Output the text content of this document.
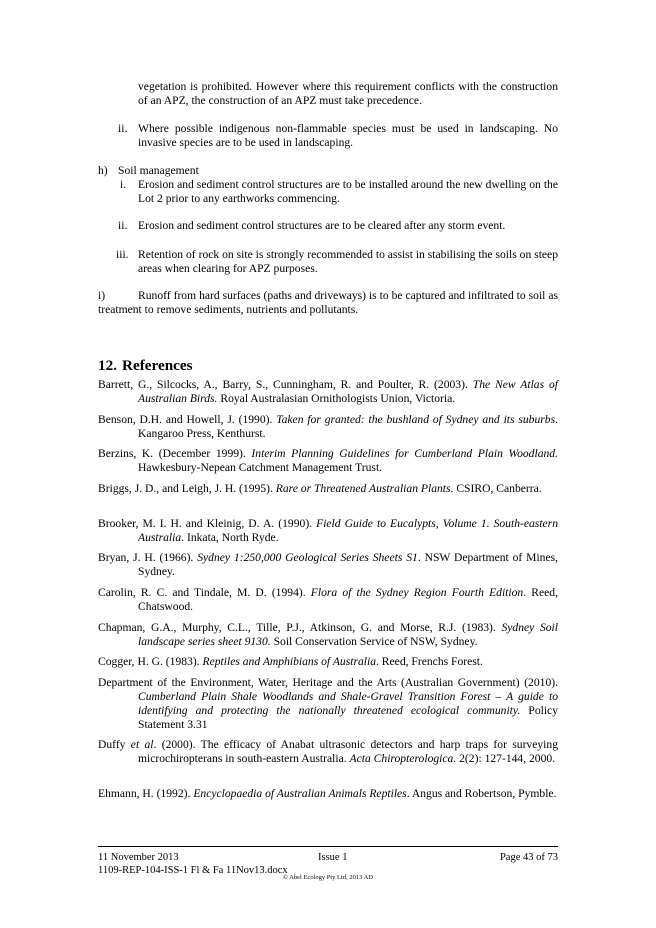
vegetation is prohibited. However where this requirement conflicts with the construction of an APZ, the construction of an APZ must take precedence.

ii. Where possible indigenous non-flammable species must be used in landscaping. No invasive species are to be used in landscaping.

h) Soil management
i. Erosion and sediment control structures are to be installed around the new dwelling on the Lot 2 prior to any earthworks commencing.

ii. Erosion and sediment control structures are to be cleared after any storm event.

iii. Retention of rock on site is strongly recommended to assist in stabilising the soils on steep areas when clearing for APZ purposes.

i)	Runoff from hard surfaces (paths and driveways) is to be captured and infiltrated to soil as treatment to remove sediments, nutrients and pollutants.

12. References

Barrett, G., Silcocks, A., Barry, S., Cunningham, R. and Poulter, R. (2003). The New Atlas of Australian Birds. Royal Australasian Ornithologists Union, Victoria.

Benson, D.H. and Howell, J. (1990). Taken for granted: the bushland of Sydney and its suburbs. Kangaroo Press, Kenthurst.

Berzins, K. (December 1999). Interim Planning Guidelines for Cumberland Plain Woodland. Hawkesbury-Nepean Catchment Management Trust.

Briggs, J. D., and Leigh, J. H. (1995). Rare or Threatened Australian Plants. CSIRO, Canberra.

Brooker, M. I. H. and Kleinig, D. A. (1990). Field Guide to Eucalypts, Volume 1. South-eastern Australia. Inkata, North Ryde.

Bryan, J. H. (1966). Sydney 1:250,000 Geological Series Sheets S1. NSW Department of Mines, Sydney.

Carolin, R. C. and Tindale, M. D. (1994). Flora of the Sydney Region Fourth Edition. Reed, Chatswood.

Chapman, G.A., Murphy, C.L., Tille, P.J., Atkinson, G. and Morse, R.J. (1983). Sydney Soil landscape series sheet 9130. Soil Conservation Service of NSW, Sydney.

Cogger, H. G. (1983). Reptiles and Amphibians of Australia. Reed, Frenchs Forest.

Department of the Environment, Water, Heritage and the Arts (Australian Government) (2010). Cumberland Plain Shale Woodlands and Shale-Gravel Transition Forest – A guide to identifying and protecting the nationally threatened ecological community. Policy Statement 3.31

Duffy et al. (2000). The efficacy of Anabat ultrasonic detectors and harp traps for surveying microchiropterans in south-eastern Australia. Acta Chiropterologica. 2(2): 127-144, 2000.

Ehmann, H. (1992). Encyclopaedia of Australian Animals Reptiles. Angus and Robertson, Pymble.

11 November 2013	Issue 1	Page 43 of 73
1109-REP-104-ISS-1 Fl & Fa 11Nov13.docx
© Abel Ecology Pty Ltd, 2013 AD
